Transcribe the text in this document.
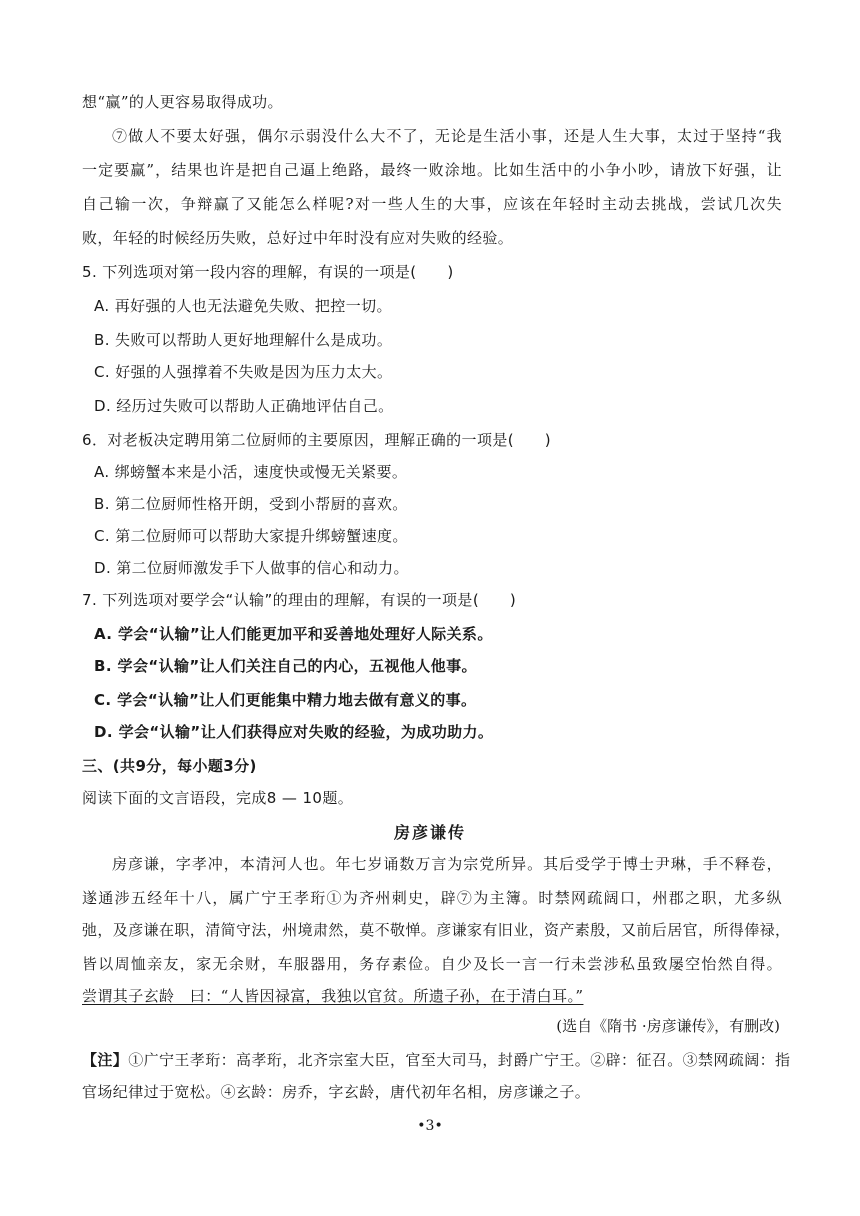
想“赢”的人更容易取得成功。
⑦做人不要太好强，偶尔示弱没什么大不了，无论是生活小事，还是人生大事，太过于坚持“我
一定要赢”，结果也许是把自己逼上绝路，最终一败涂地。比如生活中的小争小吵，请放下好强，让
自己输一次，争辩赢了又能怎么样呢?对一些人生的大事，应该在年轻时主动去挑战，尝试几次失
败，年轻的时候经历失败，总好过中年时没有应对失败的经验。
5. 下列选项对第一段内容的理解，有误的一项是(　　)
A. 再好强的人也无法避免失败、把控一切。
B. 失败可以帮助人更好地理解什么是成功。
C. 好强的人强撑着不失败是因为压力太大。
D. 经历过失败可以帮助人正确地评估自己。
6．对老板决定聘用第二位厨师的主要原因，理解正确的一项是(　　)
A. 绑螃蟹本来是小活，速度快或慢无关紧要。
B. 第二位厨师性格开朗，受到小帮厨的喜欢。
C. 第二位厨师可以帮助大家提升绑螃蟹速度。
D. 第二位厨师激发手下人做事的信心和动力。
7. 下列选项对要学会“认输”的理由的理解，有误的一项是(　　)
A. 学会“认输”让人们能更加平和妥善地处理好人际关系。
B. 学会“认输”让人们关注自己的内心，五视他人他事。
C. 学会“认输”让人们更能集中精力地去做有意义的事。
D. 学会“认输”让人们获得应对失败的经验，为成功助力。
三、(共9分，每小题3分)
阅读下面的文言语段，完成8 — 10题。
房彦谦传
房彦谦，字孝冲，本清河人也。年七岁诵数万言为宗党所异。其后受学于博士尹琳，手不释卷，
遂通涉五经年十八，属广宁王孝珩①为齐州刺史，辟⑦为主簿。时禁网疏阔口，州郡之职，尤多纵
弛，及彦谦在职，清简守法，州境肃然，莫不敬惮。彦谦家有旧业，资产素殷，又前后居官，所得俸禄，
皆以周恤亲友，家无余财，车服器用，务存素俭。自少及长一言一行未尝涉私虽致屡空怡然自得。
尝谓其子玄龄　曰：“人皆因禄富，我独以官贫。所遗子孙，在于清白耳。”
(选自《隋书 ·房彦谦传》，有删改)
【注】①广宁王孝珩：高孝珩，北齐宗室大臣，官至大司马，封爵广宁王。②辟：征召。③禁网疏阔：指
官场纪律过于宽松。④玄龄：房乔，字玄龄，唐代初年名相，房彦谦之子。
•3•
